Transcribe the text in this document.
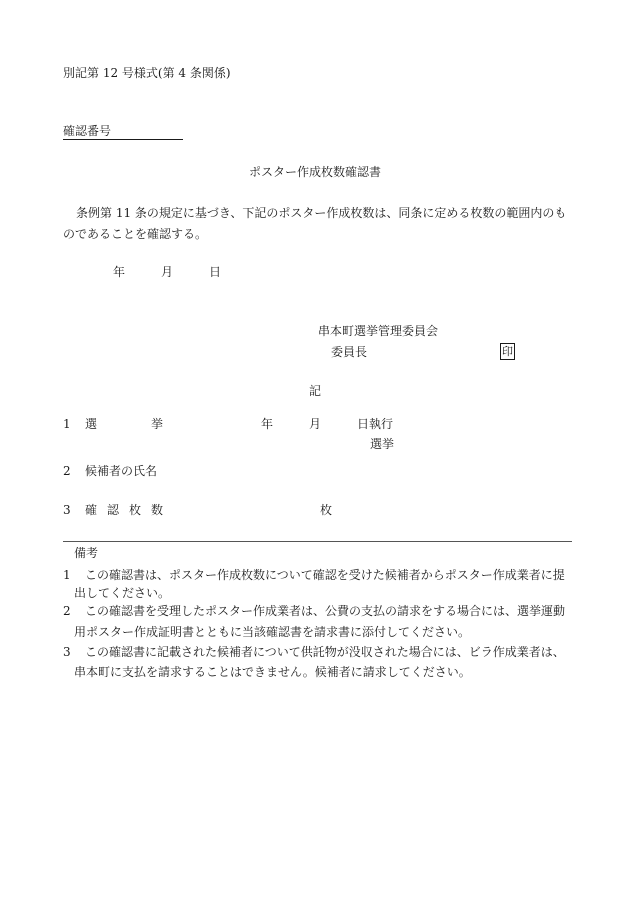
別記第 12 号様式(第 4 条関係)
確認番号
ポスター作成枚数確認書
条例第 11 条の規定に基づき、下記のポスター作成枚数は、同条に定める枚数の範囲内のも
のであることを確認する。
年	月	日
串本町選挙管理委員会
委員長	印
記
1 選	挙	年	月	日執行
選挙
2 候補者の氏名
3 確 認 枚 数	枚
備考
1 この確認書は、ポスター作成枚数について確認を受けた候補者からポスター作成業者に提
出してください。
2 この確認書を受理したポスター作成業者は、公費の支払の請求をする場合には、選挙運動
用ポスター作成証明書とともに当該確認書を請求書に添付してください。
3 この確認書に記載された候補者について供託物が没収された場合には、ビラ作成業者は、
串本町に支払を請求することはできません。候補者に請求してください。
